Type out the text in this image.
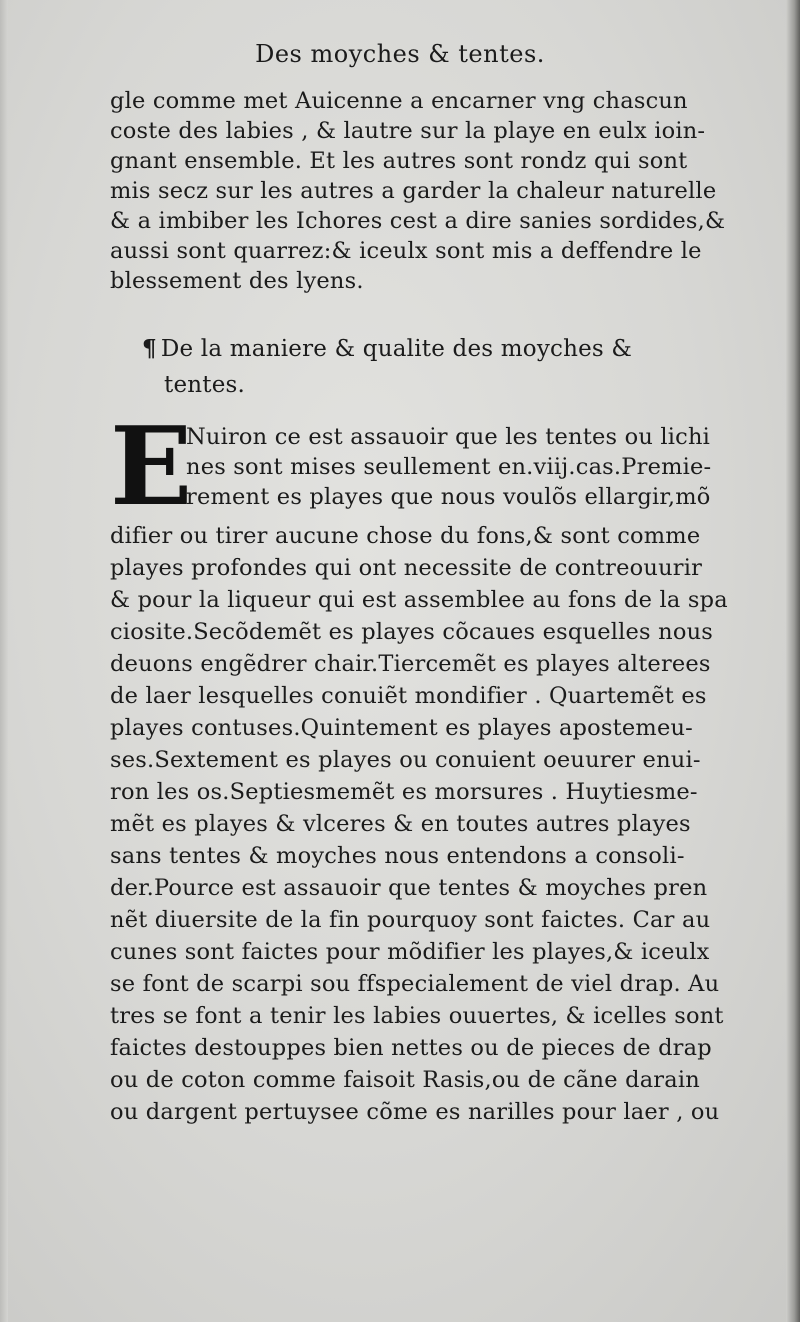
Des moyches & tentes.
gle comme met Auicenne a encarner vng chascun
coste des labies , & lautre sur la playe en eulx ioin-
gnant ensemble. Et les autres sont rondz qui sont
mis secz sur les autres a garder la chaleur naturelle
& a imbiber les Ichores cest a dire sanies sordides,&
aussi sont quarrez:& iceulx sont mis a deffendre le
blessement des lyens.
¶ De la maniere & qualite des moyches &
tentes.
E
Nuiron ce est assauoir que les tentes ou lichi
nes sont mises seullement en.viij.cas.Premie-
rement es playes que nous voulõs ellargir,mõ
difier ou tirer aucune chose du fons,& sont comme
playes profondes qui ont necessite de contreouurir
& pour la liqueur qui est assemblee au fons de la spa
ciosite.Secõdemẽt es playes cõcaues esquelles nous
deuons engẽdrer chair.Tiercemẽt es playes alterees
de laer lesquelles conuiẽt mondifier . Quartemẽt es
playes contuses.Quintement es playes apostemeu-
ses.Sextement es playes ou conuient oeuurer enui-
ron les os.Septiesmemẽt es morsures . Huytiesme-
mẽt es playes & vlceres & en toutes autres playes
sans tentes & moyches nous entendons a consoli-
der.Pource est assauoir que tentes & moyches pren
nẽt diuersite de la fin pourquoy sont faictes. Car au
cunes sont faictes pour mõdifier les playes,& iceulx
se font de scarpi sou ffspecialement de viel drap. Au
tres se font a tenir les labies ouuertes, & icelles sont
faictes destouppes bien nettes ou de pieces de drap
ou de coton comme faisoit Rasis,ou de cãne darain
ou dargent pertuysee cõme es narilles pour laer , ou
